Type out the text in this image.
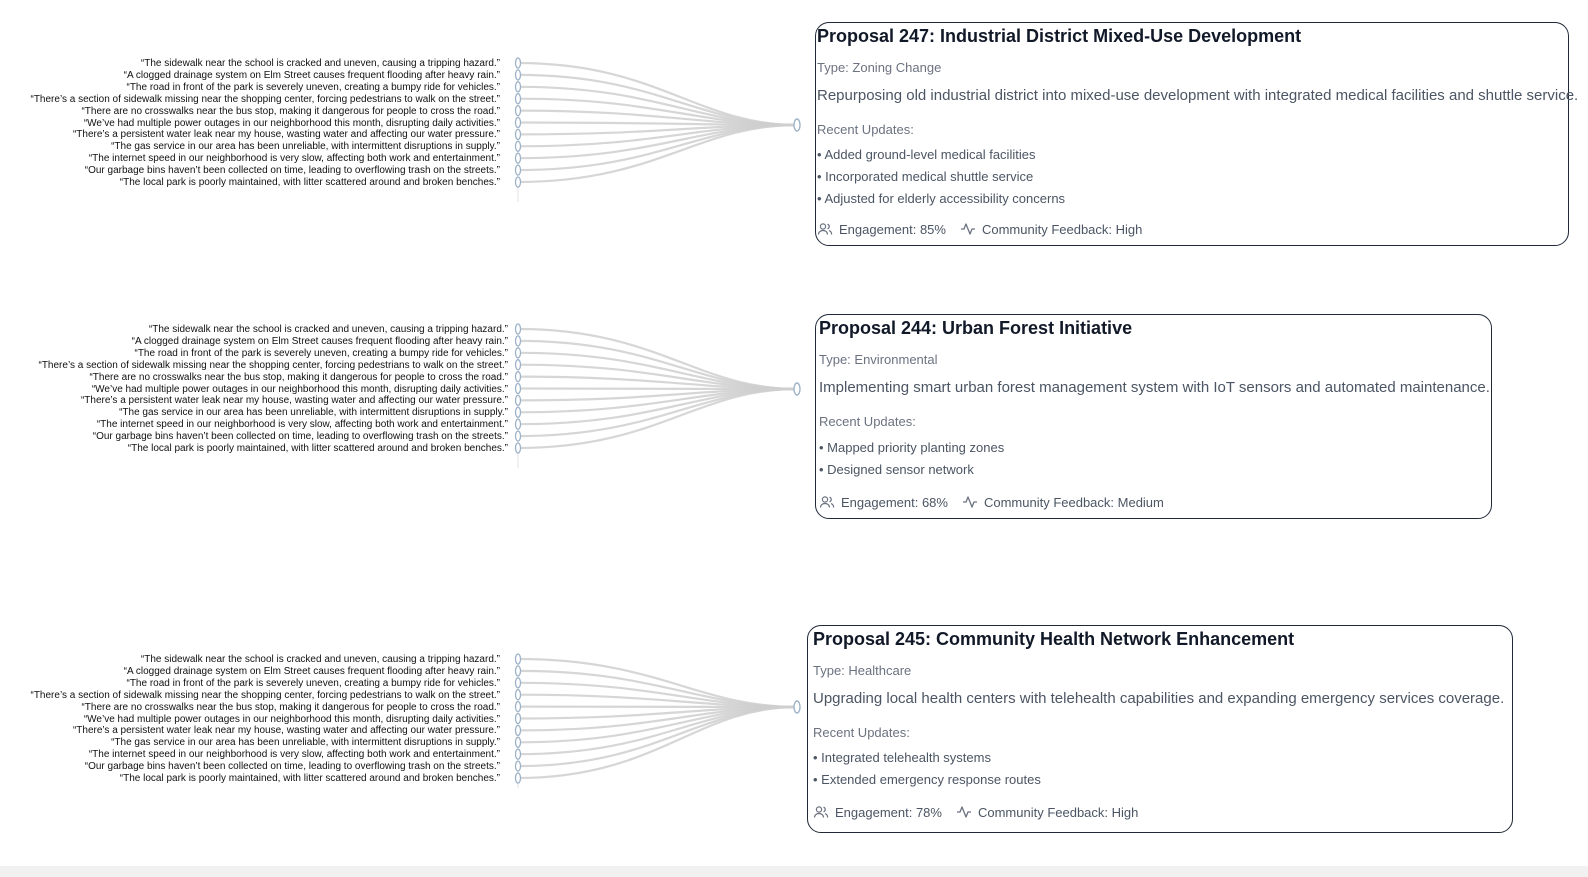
“The sidewalk near the school is cracked and uneven, causing a tripping hazard.”
“A clogged drainage system on Elm Street causes frequent flooding after heavy rain.”
“The road in front of the park is severely uneven, creating a bumpy ride for vehicles.”
“There’s a section of sidewalk missing near the shopping center, forcing pedestrians to walk on the street.”
“There are no crosswalks near the bus stop, making it dangerous for people to cross the road.”
“We’ve had multiple power outages in our neighborhood this month, disrupting daily activities.”
“There’s a persistent water leak near my house, wasting water and affecting our water pressure.”
“The gas service in our area has been unreliable, with intermittent disruptions in supply.”
“The internet speed in our neighborhood is very slow, affecting both work and entertainment.”
“Our garbage bins haven’t been collected on time, leading to overflowing trash on the streets.”
“The local park is poorly maintained, with litter scattered around and broken benches.”
Proposal 247: Industrial District Mixed-Use Development
Type: Zoning Change
Repurposing old industrial district into mixed-use development with integrated medical facilities and shuttle service.
Recent Updates:
• Added ground-level medical facilities
• Incorporated medical shuttle service
• Adjusted for elderly accessibility concerns
Engagement: 85%	Community Feedback: High
“The sidewalk near the school is cracked and uneven, causing a tripping hazard.”
“A clogged drainage system on Elm Street causes frequent flooding after heavy rain.”
“The road in front of the park is severely uneven, creating a bumpy ride for vehicles.”
“There’s a section of sidewalk missing near the shopping center, forcing pedestrians to walk on the street.”
“There are no crosswalks near the bus stop, making it dangerous for people to cross the road.”
“We’ve had multiple power outages in our neighborhood this month, disrupting daily activities.”
“There’s a persistent water leak near my house, wasting water and affecting our water pressure.”
“The gas service in our area has been unreliable, with intermittent disruptions in supply.”
“The internet speed in our neighborhood is very slow, affecting both work and entertainment.”
“Our garbage bins haven’t been collected on time, leading to overflowing trash on the streets.”
“The local park is poorly maintained, with litter scattered around and broken benches.”
Proposal 244: Urban Forest Initiative
Type: Environmental
Implementing smart urban forest management system with IoT sensors and automated maintenance.
Recent Updates:
• Mapped priority planting zones
• Designed sensor network
Engagement: 68%	Community Feedback: Medium
“The sidewalk near the school is cracked and uneven, causing a tripping hazard.”
“A clogged drainage system on Elm Street causes frequent flooding after heavy rain.”
“The road in front of the park is severely uneven, creating a bumpy ride for vehicles.”
“There’s a section of sidewalk missing near the shopping center, forcing pedestrians to walk on the street.”
“There are no crosswalks near the bus stop, making it dangerous for people to cross the road.”
“We’ve had multiple power outages in our neighborhood this month, disrupting daily activities.”
“There’s a persistent water leak near my house, wasting water and affecting our water pressure.”
“The gas service in our area has been unreliable, with intermittent disruptions in supply.”
“The internet speed in our neighborhood is very slow, affecting both work and entertainment.”
“Our garbage bins haven’t been collected on time, leading to overflowing trash on the streets.”
“The local park is poorly maintained, with litter scattered around and broken benches.”
Proposal 245: Community Health Network Enhancement
Type: Healthcare
Upgrading local health centers with telehealth capabilities and expanding emergency services coverage.
Recent Updates:
• Integrated telehealth systems
• Extended emergency response routes
Engagement: 78%	Community Feedback: High
